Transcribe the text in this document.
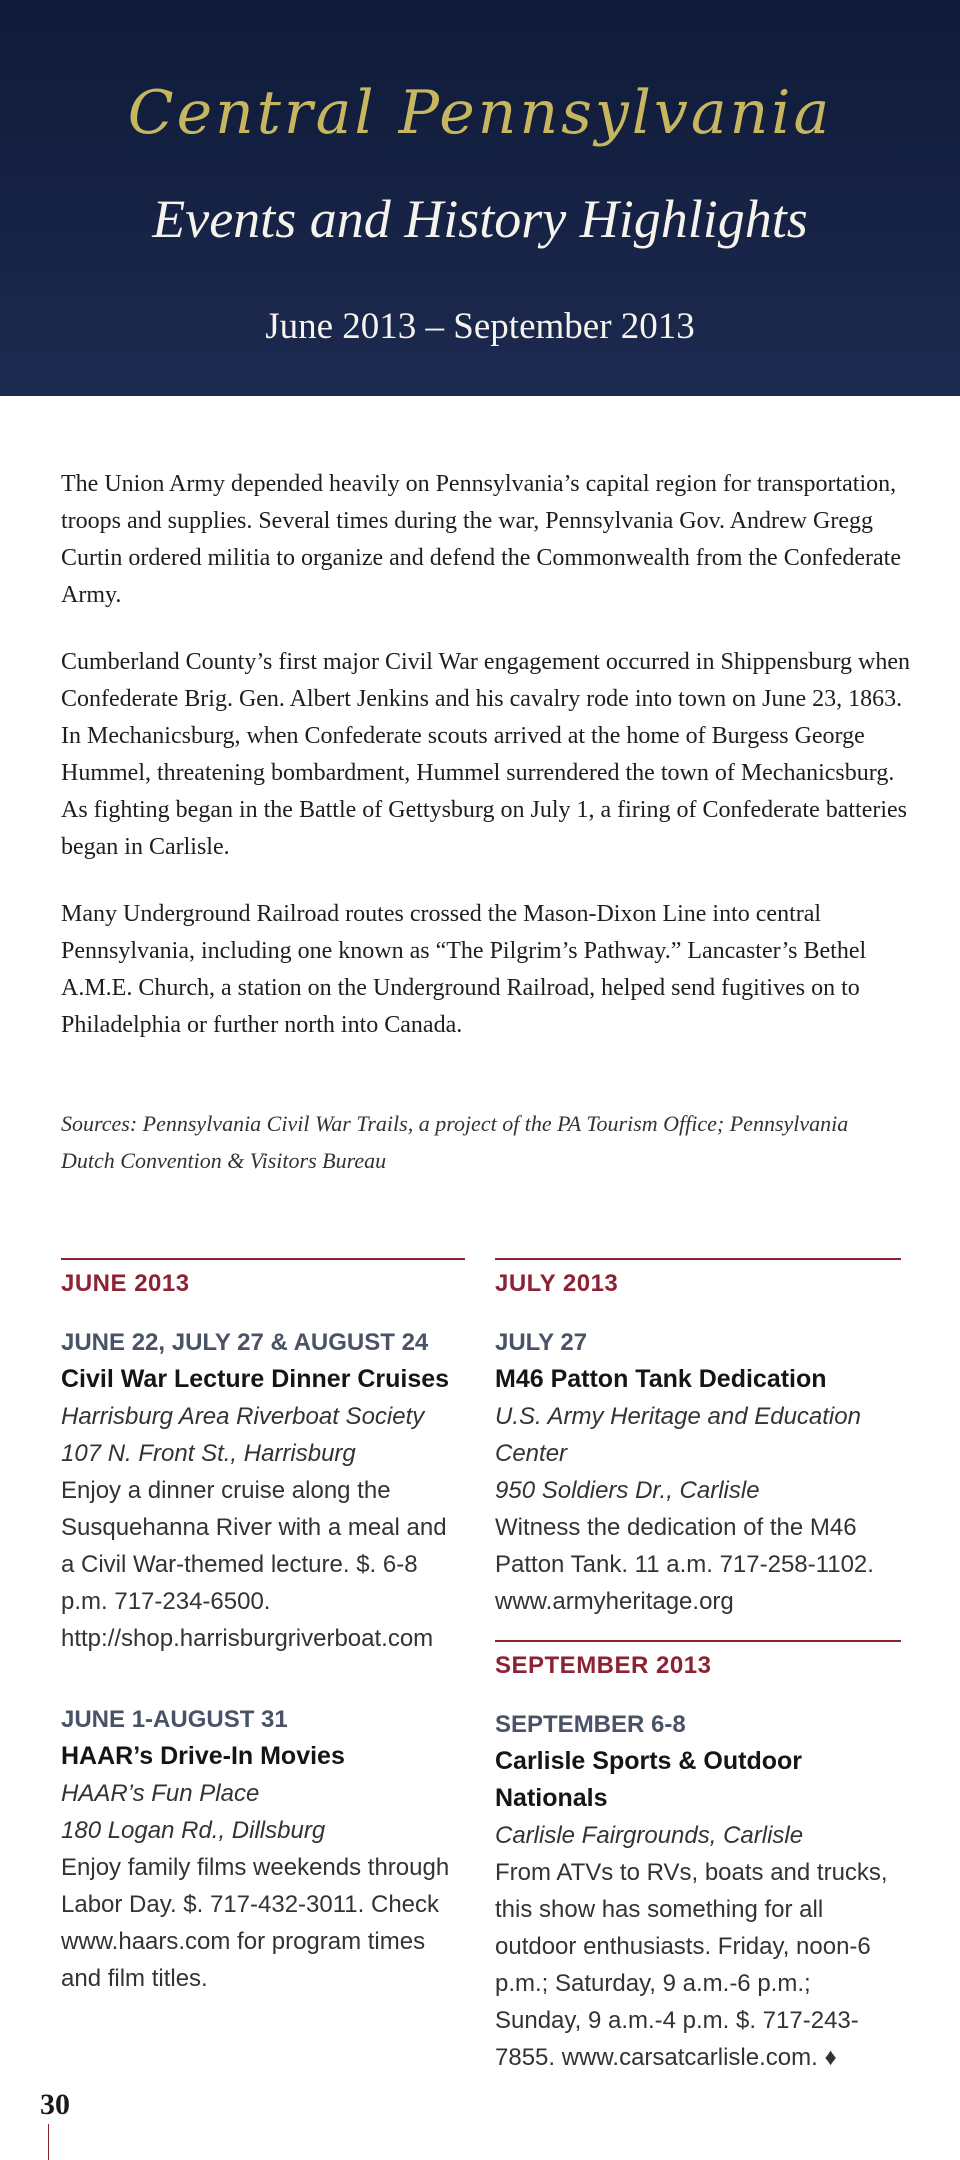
Central Pennsylvania
Events and History Highlights
June 2013 – September 2013

The Union Army depended heavily on Pennsylvania’s capital region for transportation, troops and supplies. Several times during the war, Pennsylvania Gov. Andrew Gregg Curtin ordered militia to organize and defend the Commonwealth from the Confederate Army.

Cumberland County’s first major Civil War engagement occurred in Shippensburg when Confederate Brig. Gen. Albert Jenkins and his cavalry rode into town on June 23, 1863. In Mechanicsburg, when Confederate scouts arrived at the home of Burgess George Hummel, threatening bombardment, Hummel surrendered the town of Mechanicsburg. As fighting began in the Battle of Gettysburg on July 1, a firing of Confederate batteries began in Carlisle.

Many Underground Railroad routes crossed the Mason-Dixon Line into central Pennsylvania, including one known as “The Pilgrim’s Pathway.” Lancaster’s Bethel A.M.E. Church, a station on the Underground Railroad, helped send fugitives on to Philadelphia or further north into Canada.

Sources: Pennsylvania Civil War Trails, a project of the PA Tourism Office; Pennsylvania Dutch Convention & Visitors Bureau
JUNE 2013
JUNE 22, JULY 27 & AUGUST 24
Civil War Lecture Dinner Cruises
Harrisburg Area Riverboat Society
107 N. Front St., Harrisburg
Enjoy a dinner cruise along the Susquehanna River with a meal and a Civil War-themed lecture. $. 6-8 p.m. 717-234-6500. http://shop.harrisburgriverboat.com
JUNE 1-AUGUST 31
HAAR’s Drive-In Movies
HAAR’s Fun Place
180 Logan Rd., Dillsburg
Enjoy family films weekends through Labor Day. $. 717-432-3011. Check www.haars.com for program times and film titles.
JULY 2013
JULY 27
M46 Patton Tank Dedication
U.S. Army Heritage and Education Center
950 Soldiers Dr., Carlisle
Witness the dedication of the M46 Patton Tank. 11 a.m. 717-258-1102. www.armyheritage.org
SEPTEMBER 2013
SEPTEMBER 6-8
Carlisle Sports & Outdoor Nationals
Carlisle Fairgrounds, Carlisle
From ATVs to RVs, boats and trucks, this show has something for all outdoor enthusiasts. Friday, noon-6 p.m.; Saturday, 9 a.m.-6 p.m.; Sunday, 9 a.m.-4 p.m. $. 717-243-7855. www.carsatcarlisle.com. ♦
30
